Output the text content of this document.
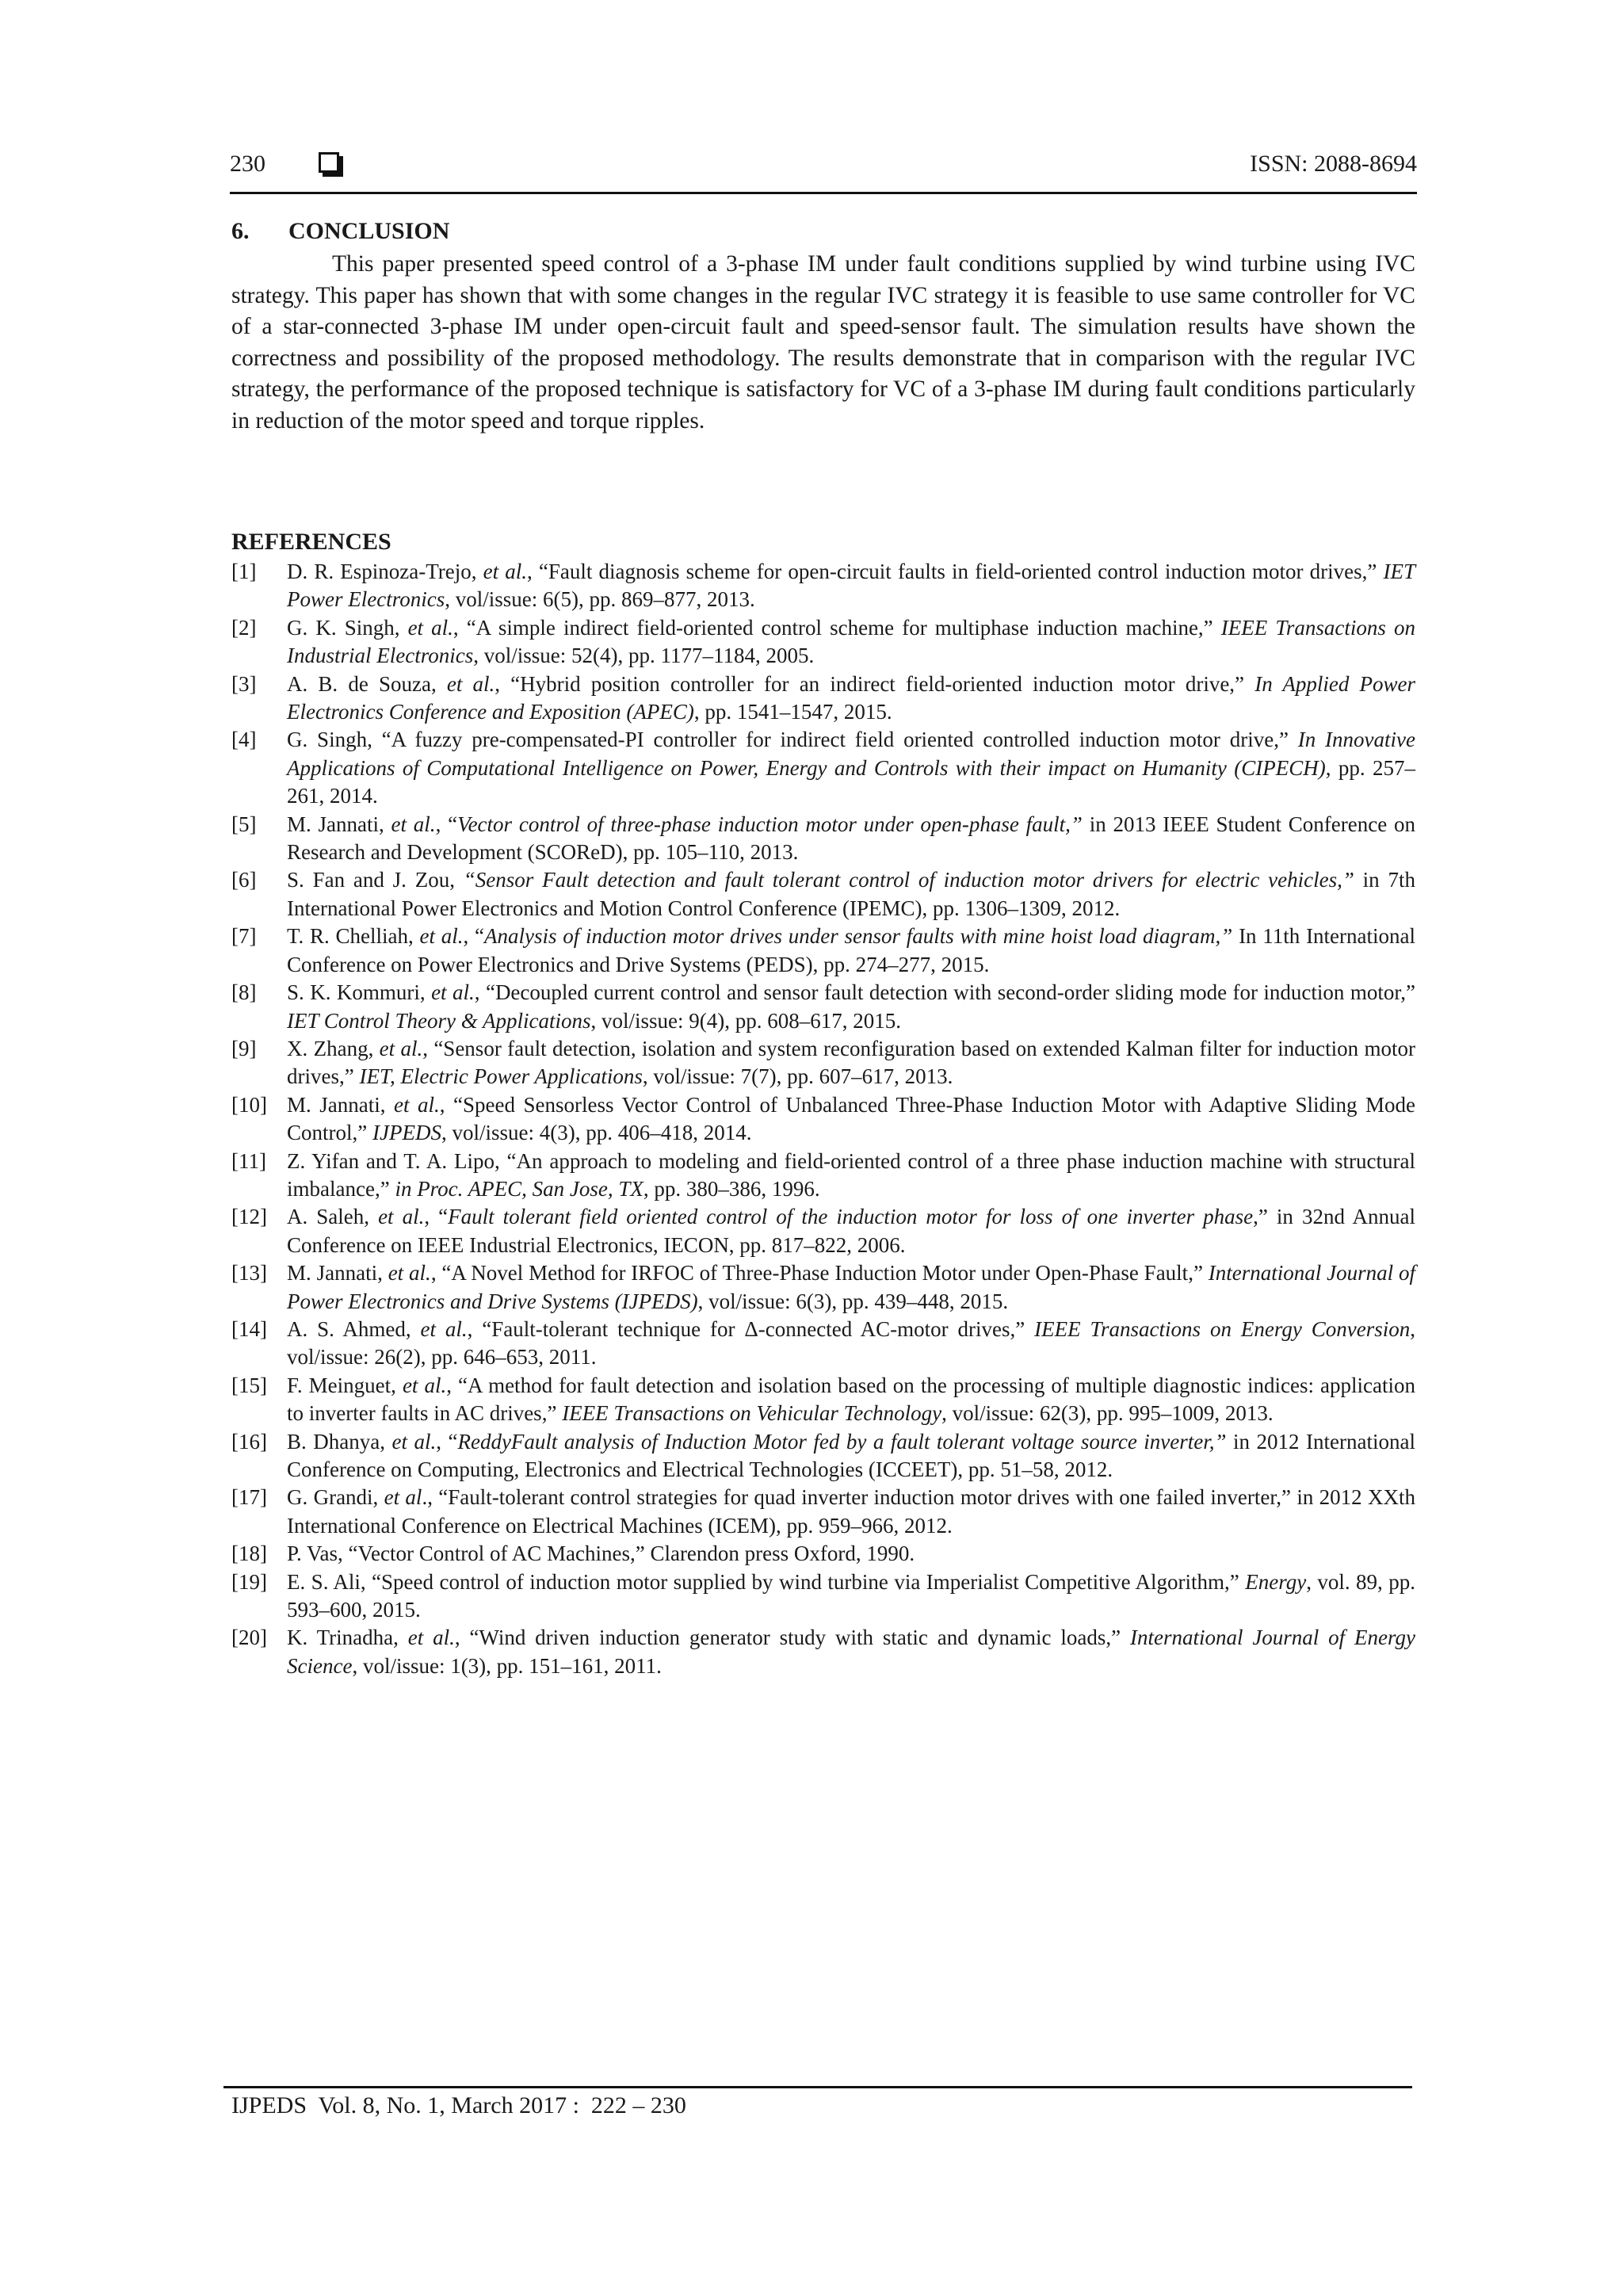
230	ISSN: 2088-8694
6. CONCLUSION
This paper presented speed control of a 3-phase IM under fault conditions supplied by wind turbine using IVC strategy. This paper has shown that with some changes in the regular IVC strategy it is feasible to use same controller for VC of a star-connected 3-phase IM under open-circuit fault and speed-sensor fault. The simulation results have shown the correctness and possibility of the proposed methodology. The results demonstrate that in comparison with the regular IVC strategy, the performance of the proposed technique is satisfactory for VC of a 3-phase IM during fault conditions particularly in reduction of the motor speed and torque ripples.
REFERENCES
[1] D. R. Espinoza-Trejo, et al., “Fault diagnosis scheme for open-circuit faults in field-oriented control induction motor drives,” IET Power Electronics, vol/issue: 6(5), pp. 869–877, 2013.
[2] G. K. Singh, et al., “A simple indirect field-oriented control scheme for multiphase induction machine,” IEEE Transactions on Industrial Electronics, vol/issue: 52(4), pp. 1177–1184, 2005.
[3] A. B. de Souza, et al., “Hybrid position controller for an indirect field-oriented induction motor drive,” In Applied Power Electronics Conference and Exposition (APEC), pp. 1541–1547, 2015.
[4] G. Singh, “A fuzzy pre-compensated-PI controller for indirect field oriented controlled induction motor drive,” In Innovative Applications of Computational Intelligence on Power, Energy and Controls with their impact on Humanity (CIPECH), pp. 257–261, 2014.
[5] M. Jannati, et al., “Vector control of three-phase induction motor under open-phase fault,” in 2013 IEEE Student Conference on Research and Development (SCOReD), pp. 105–110, 2013.
[6] S. Fan and J. Zou, “Sensor Fault detection and fault tolerant control of induction motor drivers for electric vehicles,” in 7th International Power Electronics and Motion Control Conference (IPEMC), pp. 1306–1309, 2012.
[7] T. R. Chelliah, et al., “Analysis of induction motor drives under sensor faults with mine hoist load diagram,” In 11th International Conference on Power Electronics and Drive Systems (PEDS), pp. 274–277, 2015.
[8] S. K. Kommuri, et al., “Decoupled current control and sensor fault detection with second-order sliding mode for induction motor,” IET Control Theory & Applications, vol/issue: 9(4), pp. 608–617, 2015.
[9] X. Zhang, et al., “Sensor fault detection, isolation and system reconfiguration based on extended Kalman filter for induction motor drives,” IET, Electric Power Applications, vol/issue: 7(7), pp. 607–617, 2013.
[10] M. Jannati, et al., “Speed Sensorless Vector Control of Unbalanced Three-Phase Induction Motor with Adaptive Sliding Mode Control,” IJPEDS, vol/issue: 4(3), pp. 406–418, 2014.
[11] Z. Yifan and T. A. Lipo, “An approach to modeling and field-oriented control of a three phase induction machine with structural imbalance,” in Proc. APEC, San Jose, TX, pp. 380–386, 1996.
[12] A. Saleh, et al., “Fault tolerant field oriented control of the induction motor for loss of one inverter phase,” in 32nd Annual Conference on IEEE Industrial Electronics, IECON, pp. 817–822, 2006.
[13] M. Jannati, et al., “A Novel Method for IRFOC of Three-Phase Induction Motor under Open-Phase Fault,” International Journal of Power Electronics and Drive Systems (IJPEDS), vol/issue: 6(3), pp. 439–448, 2015.
[14] A. S. Ahmed, et al., “Fault-tolerant technique for Δ-connected AC-motor drives,” IEEE Transactions on Energy Conversion, vol/issue: 26(2), pp. 646–653, 2011.
[15] F. Meinguet, et al., “A method for fault detection and isolation based on the processing of multiple diagnostic indices: application to inverter faults in AC drives,” IEEE Transactions on Vehicular Technology, vol/issue: 62(3), pp. 995–1009, 2013.
[16] B. Dhanya, et al., “ReddyFault analysis of Induction Motor fed by a fault tolerant voltage source inverter,” in 2012 International Conference on Computing, Electronics and Electrical Technologies (ICCEET), pp. 51–58, 2012.
[17] G. Grandi, et al., “Fault-tolerant control strategies for quad inverter induction motor drives with one failed inverter,” in 2012 XXth International Conference on Electrical Machines (ICEM), pp. 959–966, 2012.
[18] P. Vas, “Vector Control of AC Machines,” Clarendon press Oxford, 1990.
[19] E. S. Ali, “Speed control of induction motor supplied by wind turbine via Imperialist Competitive Algorithm,” Energy, vol. 89, pp. 593–600, 2015.
[20] K. Trinadha, et al., “Wind driven induction generator study with static and dynamic loads,” International Journal of Energy Science, vol/issue: 1(3), pp. 151–161, 2011.
IJPEDS  Vol. 8, No. 1, March 2017 :  222 – 230
